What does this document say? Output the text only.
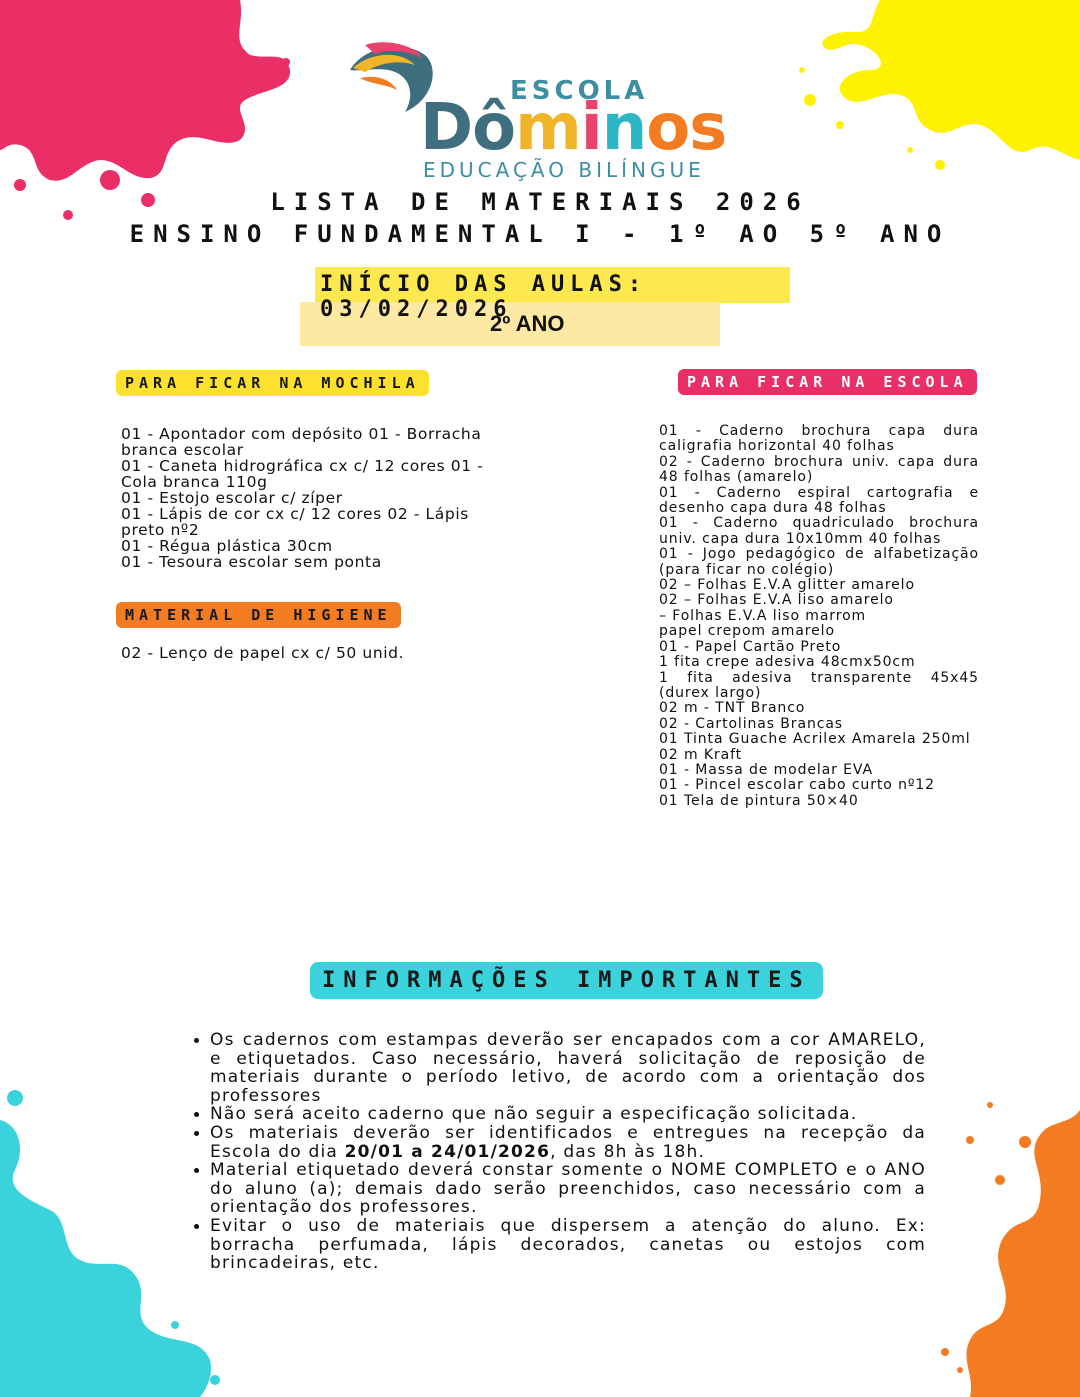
ESCOLA
Dôminos
EDUCAÇÃO BILÍNGUE
LISTA DE MATERIAIS 2026
ENSINO FUNDAMENTAL I - 1º AO 5º ANO
INÍCIO DAS AULAS: 03/02/2026
2º ANO
PARA FICAR NA MOCHILA	PARA FICAR NA ESCOLA
MATERIAL DE HIGIENE
INFORMAÇÕES IMPORTANTES
01 - Apontador com depósito 01 - Borracha branca escolar
01 - Caneta hidrográfica cx c/ 12 cores 01 - Cola branca 110g
01 - Estojo escolar c/ zíper
01 - Lápis de cor cx c/ 12 cores 02 - Lápis preto nº2
01 - Régua plástica 30cm
01 - Tesoura escolar sem ponta
02 - Lenço de papel cx c/ 50 unid.
01 - Caderno brochura capa dura caligrafia horizontal 40 folhas
02 - Caderno brochura univ. capa dura 48 folhas (amarelo)
01 - Caderno espiral cartografia e desenho capa dura 48 folhas
01 - Caderno quadriculado brochura univ. capa dura 10x10mm 40 folhas
01 - Jogo pedagógico de alfabetização (para ficar no colégio)
02 – Folhas E.V.A glitter amarelo
02 – Folhas E.V.A liso amarelo
– Folhas E.V.A liso marrom
papel crepom amarelo
01 - Papel Cartão Preto
1 fita crepe adesiva 48cmx50cm
1 fita adesiva transparente 45x45 (durex largo)
02 m - TNT Branco
02 - Cartolinas Brancas
01 Tinta Guache Acrilex Amarela 250ml
02 m Kraft
01 - Massa de modelar EVA
01 - Pincel escolar cabo curto nº12
01 Tela de pintura 50×40
• Os cadernos com estampas deverão ser encapados com a cor AMARELO, e etiquetados. Caso necessário, haverá solicitação de reposição de materiais durante o período letivo, de acordo com a orientação dos professores
• Não será aceito caderno que não seguir a especificação solicitada.
• Os materiais deverão ser identificados e entregues na recepção da Escola do dia 20/01 a 24/01/2026, das 8h às 18h.
• Material etiquetado deverá constar somente o NOME COMPLETO e o ANO do aluno (a); demais dado serão preenchidos, caso necessário com a orientação dos professores.
• Evitar o uso de materiais que dispersem a atenção do aluno. Ex: borracha perfumada, lápis decorados, canetas ou estojos com brincadeiras, etc.
